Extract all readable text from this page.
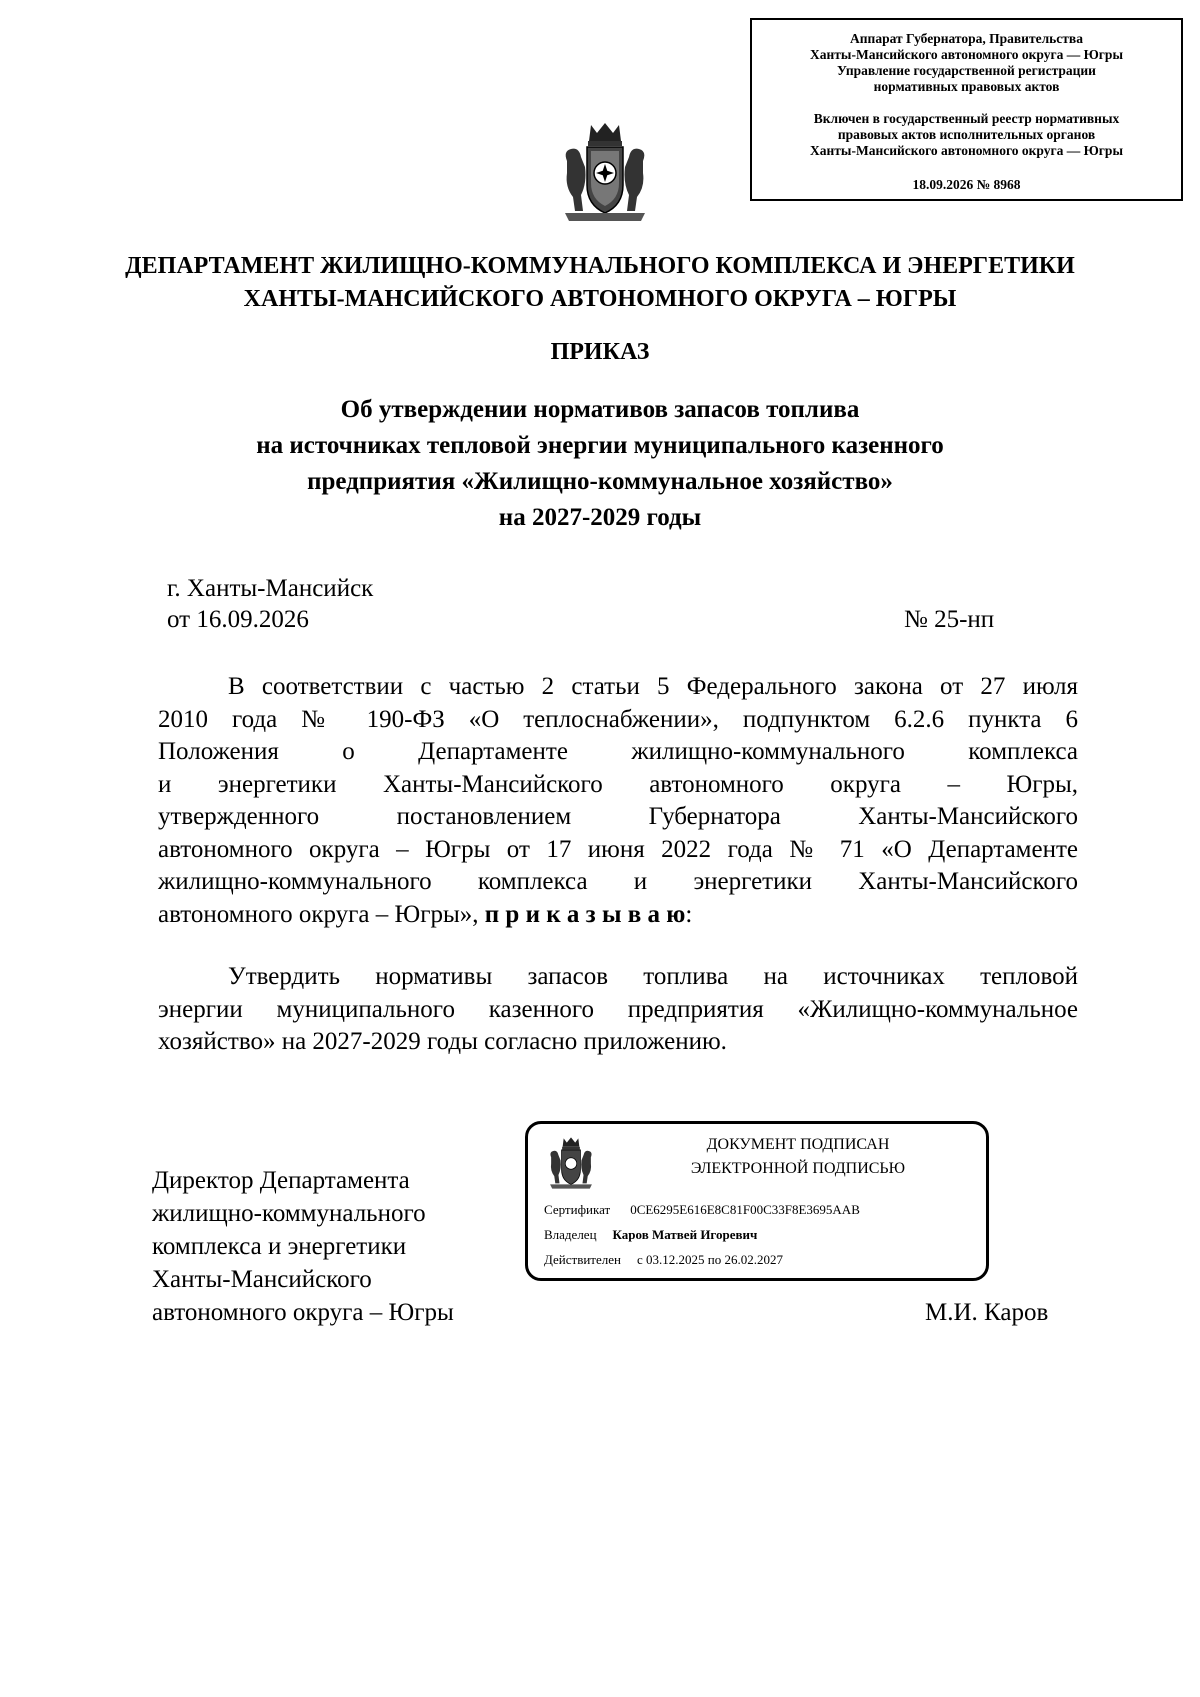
Аппарат Губернатора, Правительства
Ханты-Мансийского автономного округа — Югры
Управление государственной регистрации
нормативных правовых актов
Включен в государственный реестр нормативных
правовых актов исполнительных органов
Ханты-Мансийского автономного округа — Югры
18.09.2026 № 8968
ДЕПАРТАМЕНТ ЖИЛИЩНО-КОММУНАЛЬНОГО КОМПЛЕКСА И ЭНЕРГЕТИКИ
ХАНТЫ-МАНСИЙСКОГО АВТОНОМНОГО ОКРУГА – ЮГРЫ
ПРИКАЗ
Об утверждении нормативов запасов топлива
на источниках тепловой энергии муниципального казенного
предприятия «Жилищно-коммунальное хозяйство»
на 2027-2029 годы
г. Ханты-Мансийск
от 16.09.2026	№ 25-нп
В соответствии с частью 2 статьи 5 Федерального закона от 27 июля
2010 года № 190-ФЗ «О теплоснабжении», подпунктом 6.2.6 пункта 6
Положения о Департаменте жилищно-коммунального комплекса
и энергетики Ханты-Мансийского автономного округа – Югры,
утвержденного постановлением Губернатора Ханты-Мансийского
автономного округа – Югры от 17 июня 2022 года № 71 «О Департаменте
жилищно-коммунального комплекса и энергетики Ханты-Мансийского
автономного округа – Югры», п р и к а з ы в а ю:
Утвердить нормативы запасов топлива на источниках тепловой
энергии муниципального казенного предприятия «Жилищно-коммунальное
хозяйство» на 2027-2029 годы согласно приложению.
Директор Департамента
жилищно-коммунального
комплекса и энергетики
Ханты-Мансийского
автономного округа – Югры	М.И. Каров
ДОКУМЕНТ ПОДПИСАН
ЭЛЕКТРОННОЙ ПОДПИСЬЮ
Сертификат 0CE6295E616E8C81F00C33F8E3695AAB
Владелец Каров Матвей Игоревич
Действителен с 03.12.2025 по 26.02.2027
